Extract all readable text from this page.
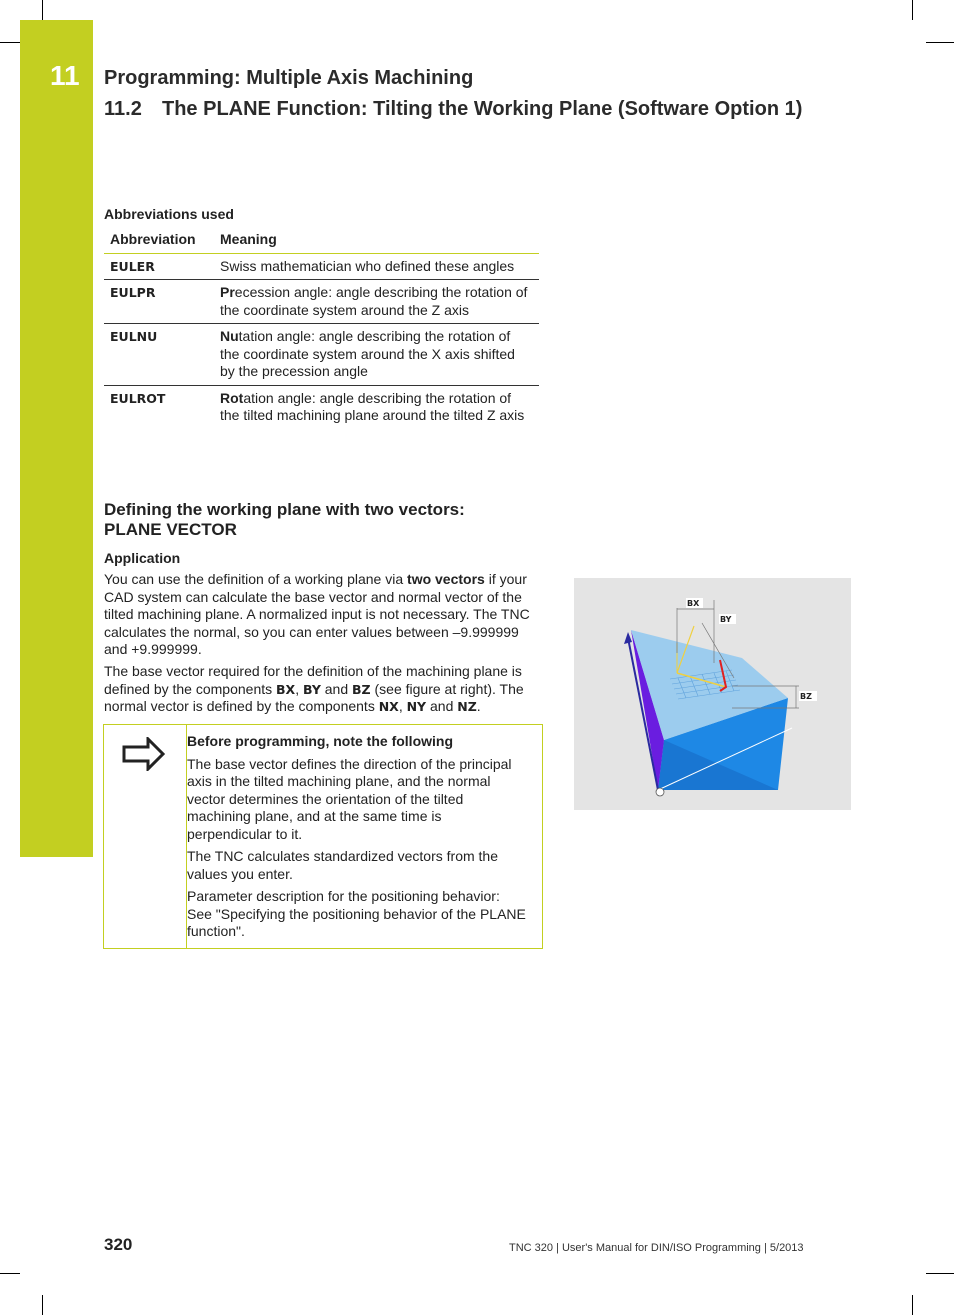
11 Programming: Multiple Axis Machining
11.2 The PLANE Function: Tilting the Working Plane (Software Option 1)
Abbreviations used
Abbreviation	Meaning
EULER	Swiss mathematician who defined these angles
EULPR	Precession angle: angle describing the rotation of the coordinate system around the Z axis
EULNU	Nutation angle: angle describing the rotation of the coordinate system around the X axis shifted by the precession angle
EULROT	Rotation angle: angle describing the rotation of the tilted machining plane around the tilted Z axis
Defining the working plane with two vectors:
PLANE VECTOR
Application

You can use the definition of a working plane via two vectors if your CAD system can calculate the base vector and normal vector of the tilted machining plane. A normalized input is not necessary. The TNC calculates the normal, so you can enter values between –9.999999 and +9.999999.

The base vector required for the definition of the machining plane is defined by the components BX, BY and BZ (see figure at right). The normal vector is defined by the components NX, NY and NZ.

Before programming, note the following

The base vector defines the direction of the principal axis in the tilted machining plane, and the normal vector determines the orientation of the tilted machining plane, and at the same time is perpendicular to it.

The TNC calculates standardized vectors from the values you enter.

Parameter description for the positioning behavior: See "Specifying the positioning behavior of the PLANE function".

BX
BY
BZ
320	TNC 320 | User's Manual for DIN/ISO Programming | 5/2013
